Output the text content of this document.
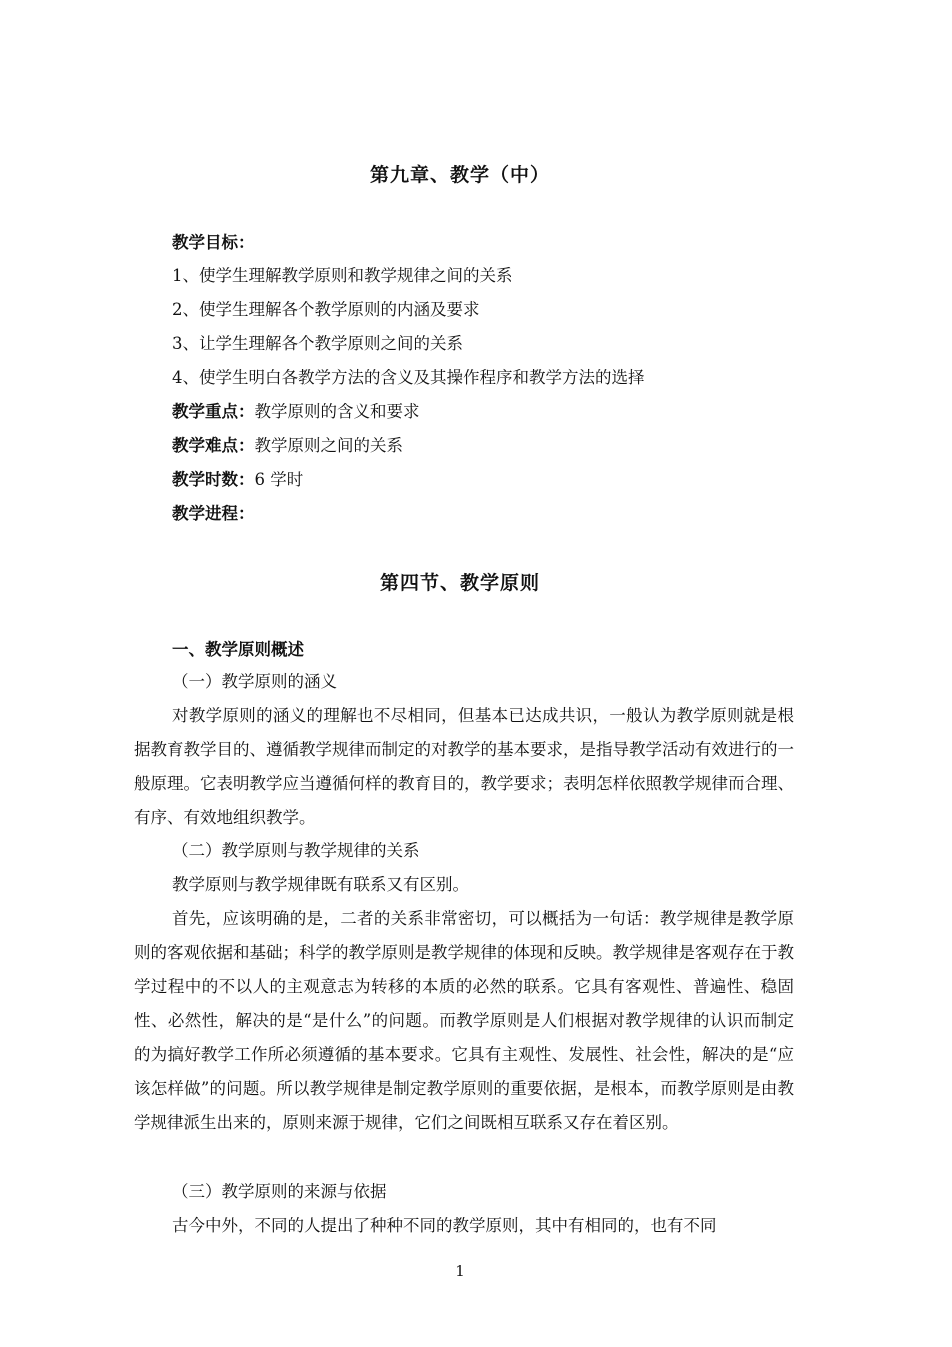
第九章、教学（中）
教学目标：
1、使学生理解教学原则和教学规律之间的关系
2、使学生理解各个教学原则的内涵及要求
3、让学生理解各个教学原则之间的关系
4、使学生明白各教学方法的含义及其操作程序和教学方法的选择
教学重点：教学原则的含义和要求
教学难点：教学原则之间的关系
教学时数：6 学时
教学进程：
第四节、教学原则
一、教学原则概述
（一）教学原则的涵义
对教学原则的涵义的理解也不尽相同，但基本已达成共识，一般认为教学原则就是根据教育教学目的、遵循教学规律而制定的对教学的基本要求，是指导教学活动有效进行的一般原理。它表明教学应当遵循何样的教育目的，教学要求；表明怎样依照教学规律而合理、有序、有效地组织教学。
（二）教学原则与教学规律的关系
教学原则与教学规律既有联系又有区别。
首先，应该明确的是，二者的关系非常密切，可以概括为一句话：教学规律是教学原则的客观依据和基础；科学的教学原则是教学规律的体现和反映。教学规律是客观存在于教学过程中的不以人的主观意志为转移的本质的必然的联系。它具有客观性、普遍性、稳固性、必然性，解决的是“是什么”的问题。而教学原则是人们根据对教学规律的认识而制定的为搞好教学工作所必须遵循的基本要求。它具有主观性、发展性、社会性，解决的是“应该怎样做”的问题。所以教学规律是制定教学原则的重要依据，是根本，而教学原则是由教学规律派生出来的，原则来源于规律，它们之间既相互联系又存在着区别。
（三）教学原则的来源与依据
古今中外，不同的人提出了种种不同的教学原则，其中有相同的，也有不同
1
